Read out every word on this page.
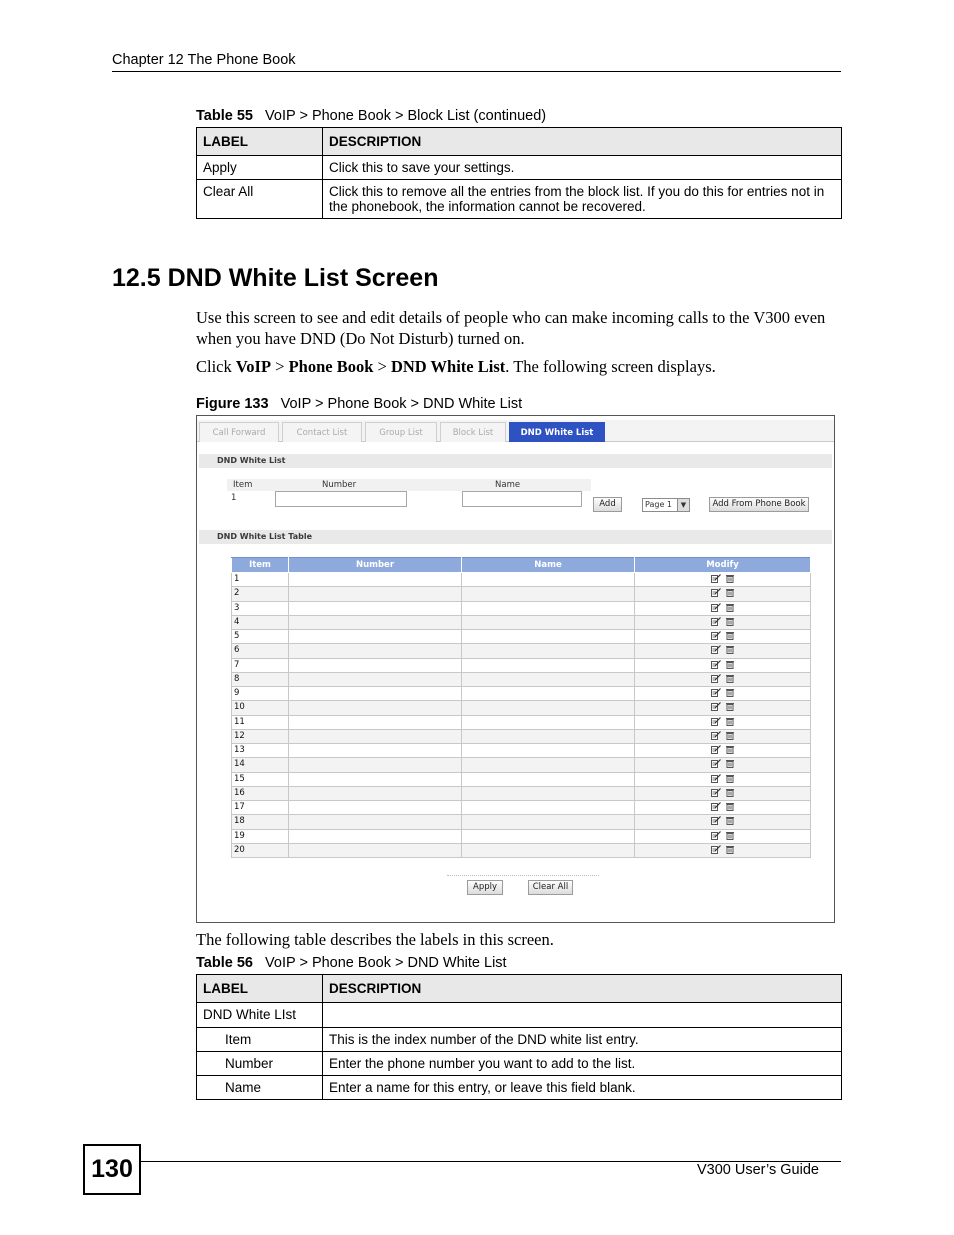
Chapter 12 The Phone Book
Table 55 VoIP > Phone Book > Block List (continued)
LABEL	DESCRIPTION
Apply	Click this to save your settings.
Clear All	Click this to remove all the entries from the block list. If you do this for entries not in the phonebook, the information cannot be recovered.
12.5 DND White List Screen
Use this screen to see and edit details of people who can make incoming calls to the V300 even when you have DND (Do Not Disturb) turned on.
Click VoIP > Phone Book > DND White List. The following screen displays.
Figure 133 VoIP > Phone Book > DND White List
Call Forward	Contact List	Group List	Block List	DND White List
DND White List
Item	Number	Name
1
Add	Page 1	▼	Add From Phone Book
DND White List Table
Item	Number	Name	Modify
1			
2			
3			
4			
5			
6			
7			
8			
9			
10			
11			
12			
13			
14			
15			
16			
17			
18			
19			
20			
Apply	Clear All
The following table describes the labels in this screen.
Table 56 VoIP > Phone Book > DND White List
LABEL	DESCRIPTION
DND White LIst	
Item	This is the index number of the DND white list entry.
Number	Enter the phone number you want to add to the list.
Name	Enter a name for this entry, or leave this field blank.
130	V300 User’s Guide
